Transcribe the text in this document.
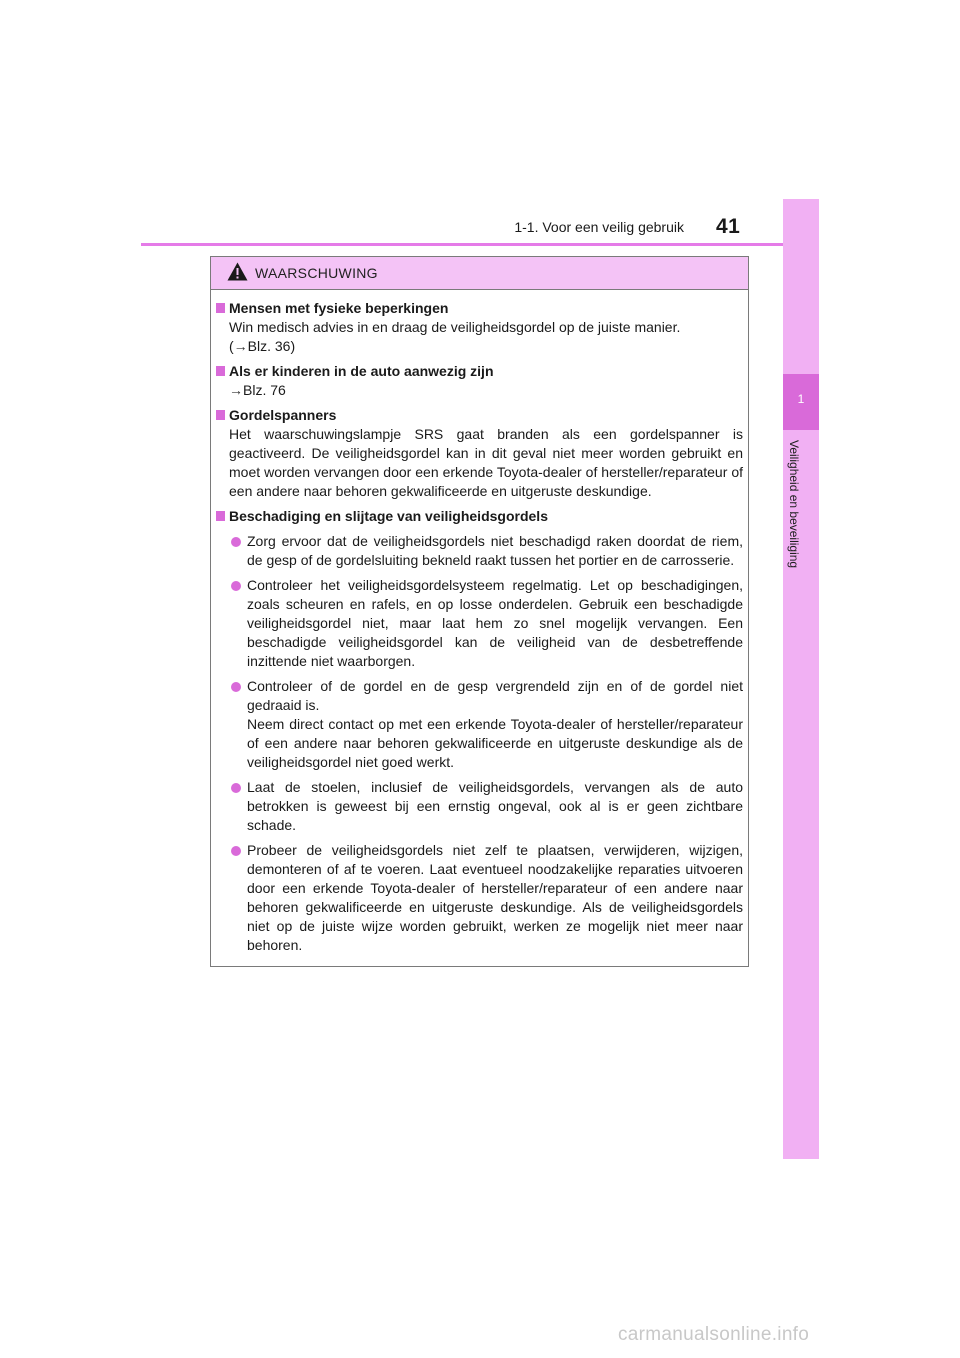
1-1. Voor een veilig gebruik 41
1
Veiligheid en beveiliging
WAARSCHUWING
Mensen met fysieke beperkingen
Win medisch advies in en draag de veiligheidsgordel op de juiste manier.
(→Blz. 36)
Als er kinderen in de auto aanwezig zijn
→Blz. 76
Gordelspanners
Het waarschuwingslampje SRS gaat branden als een gordelspanner is geactiveerd. De veiligheidsgordel kan in dit geval niet meer worden gebruikt en moet worden vervangen door een erkende Toyota-dealer of hersteller/reparateur of een andere naar behoren gekwalificeerde en uitgeruste deskundige.
Beschadiging en slijtage van veiligheidsgordels

Zorg ervoor dat de veiligheidsgordels niet beschadigd raken doordat de riem, de gesp of de gordelsluiting bekneld raakt tussen het portier en de carrosserie.

Controleer het veiligheidsgordelsysteem regelmatig. Let op beschadigingen, zoals scheuren en rafels, en op losse onderdelen. Gebruik een beschadigde veiligheidsgordel niet, maar laat hem zo snel mogelijk vervangen. Een beschadigde veiligheidsgordel kan de veiligheid van de desbetreffende inzittende niet waarborgen.

Controleer of de gordel en de gesp vergrendeld zijn en of de gordel niet gedraaid is.

Neem direct contact op met een erkende Toyota-dealer of hersteller/reparateur of een andere naar behoren gekwalificeerde en uitgeruste deskundige als de veiligheidsgordel niet goed werkt.

Laat de stoelen, inclusief de veiligheidsgordels, vervangen als de auto betrokken is geweest bij een ernstig ongeval, ook al is er geen zichtbare schade.

Probeer de veiligheidsgordels niet zelf te plaatsen, verwijderen, wijzigen, demonteren of af te voeren. Laat eventueel noodzakelijke reparaties uitvoeren door een erkende Toyota-dealer of hersteller/reparateur of een andere naar behoren gekwalificeerde en uitgeruste deskundige. Als de veiligheidsgordels niet op de juiste wijze worden gebruikt, werken ze mogelijk niet meer naar behoren.

carmanualsonline.info
